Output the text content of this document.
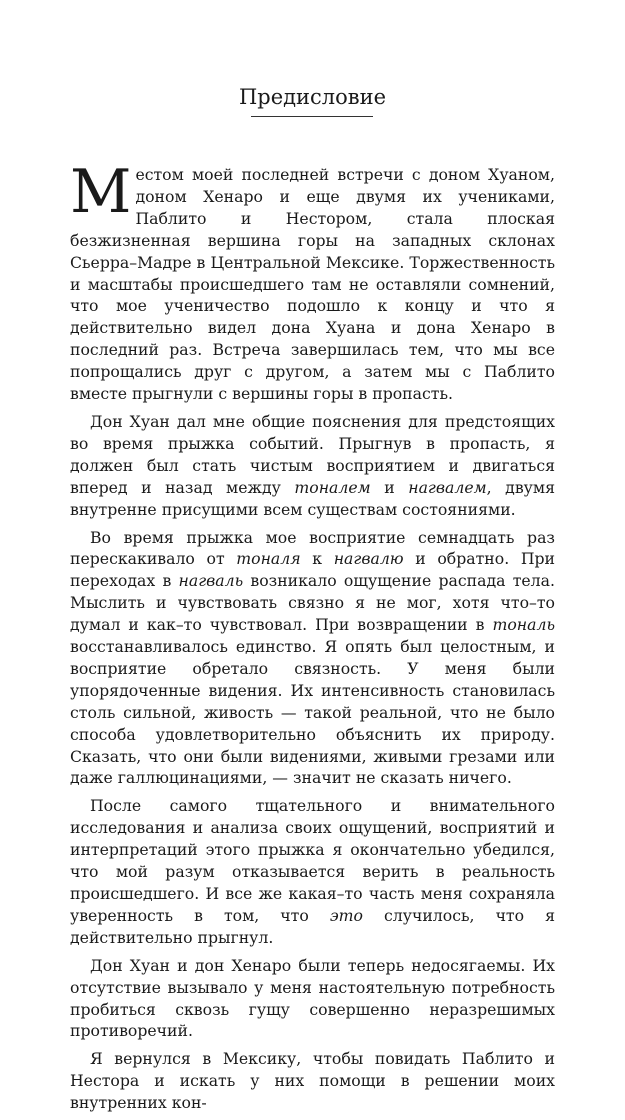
Предисловие

Местом моей последней встречи с доном Хуаном, доном Хенаро и еще двумя их учениками, Паблито и Нестором, стала плоская безжизненная вершина горы на западных склонах Сьерра–Мадре в Центральной Мексике. Торжественность и масштабы происшедшего там не оставляли сомнений, что мое ученичество подошло к концу и что я действительно видел дона Хуана и дона Хенаро в последний раз. Встреча завершилась тем, что мы все попрощались друг с другом, а затем мы с Паблито вместе прыгнули с вершины горы в пропасть.

Дон Хуан дал мне общие пояснения для предстоящих во время прыжка событий. Прыгнув в пропасть, я должен был стать чистым восприятием и двигаться вперед и назад между тоналем и нагвалем, двумя внутренне присущими всем существам состояниями.

Во время прыжка мое восприятие семнадцать раз перескакивало от тоналя к нагвалю и обратно. При переходах в нагваль возникало ощущение распада тела. Мыслить и чувствовать связно я не мог, хотя что–то думал и как–то чувствовал. При возвращении в тональ восстанавливалось единство. Я опять был целостным, и восприятие обретало связность. У меня были упорядоченные видения. Их интенсивность становилась столь сильной, живость — такой реальной, что не было способа удовлетворительно объяснить их природу. Сказать, что они были видениями, живыми грезами или даже галлюцинациями, — значит не сказать ничего.

После самого тщательного и внимательного исследования и анализа своих ощущений, восприятий и интерпретаций этого прыжка я окончательно убедился, что мой разум отказывается верить в реальность происшедшего. И все же какая–то часть меня сохраняла уверенность в том, что это случилось, что я действительно прыгнул.

Дон Хуан и дон Хенаро были теперь недосягаемы. Их отсутствие вызывало у меня настоятельную потребность пробиться сквозь гущу совершенно неразрешимых противоречий.

Я вернулся в Мексику, чтобы повидать Паблито и Нестора и искать у них помощи в решении моих внутренних кон-
